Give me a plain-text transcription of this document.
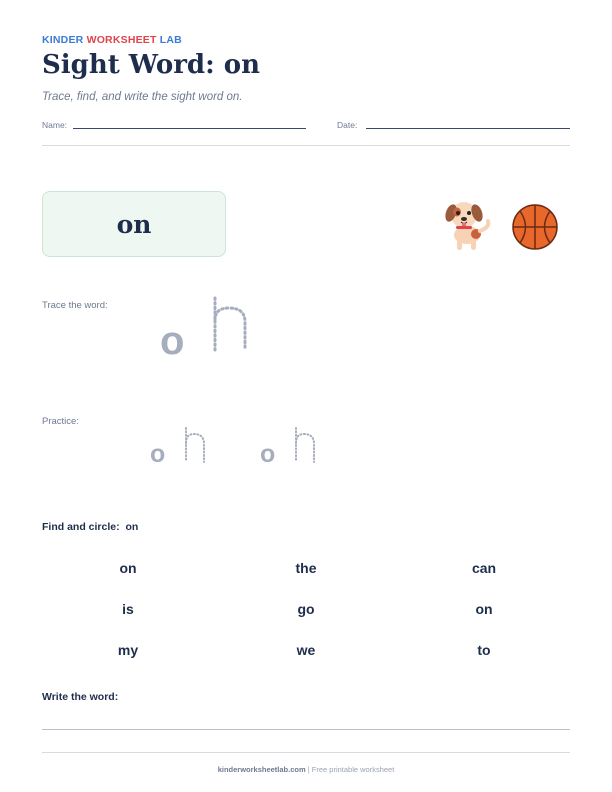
KINDER WORKSHEET LAB
Sight Word: on
Trace, find, and write the sight word on.
Name:	Date:
on
Trace the word:
o
Practice:
o	o
Find and circle: on
on	the	can
is	go	on
my	we	to
Write the word:
kinderworksheetlab.com | Free printable worksheet
